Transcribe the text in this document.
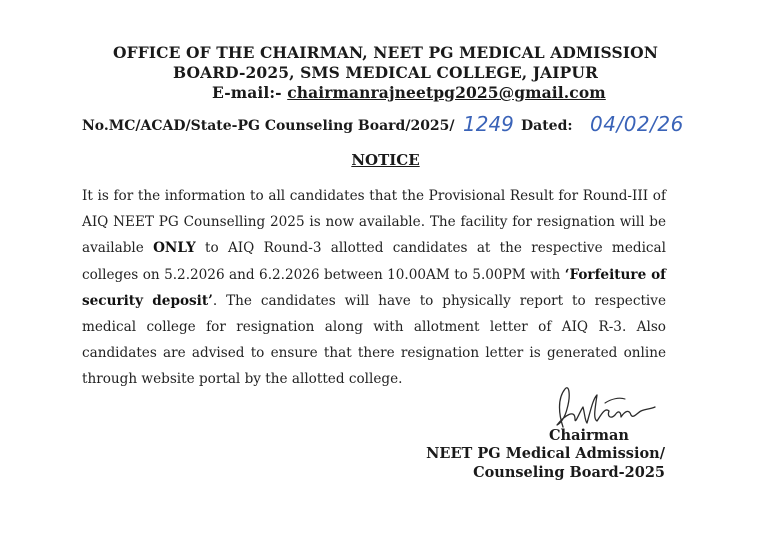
OFFICE OF THE CHAIRMAN, NEET PG MEDICAL ADMISSION
BOARD-2025, SMS MEDICAL COLLEGE, JAIPUR
E-mail:- chairmanrajneetpg2025@gmail.com
No.MC/ACAD/State-PG Counseling Board/2025/ 1249 Dated: 04/02/26
NOTICE
It is for the information to all candidates that the Provisional Result for Round-III of AIQ NEET PG Counselling 2025 is now available. The facility for resignation will be available ONLY to AIQ Round-3 allotted candidates at the respective medical colleges on 5.2.2026 and 6.2.2026 between 10.00AM to 5.00PM with ‘Forfeiture of security deposit’. The candidates will have to physically report to respective medical college for resignation along with allotment letter of AIQ R-3. Also candidates are advised to ensure that there resignation letter is generated online through website portal by the allotted college.
Chairman
NEET PG Medical Admission/
Counseling Board-2025
